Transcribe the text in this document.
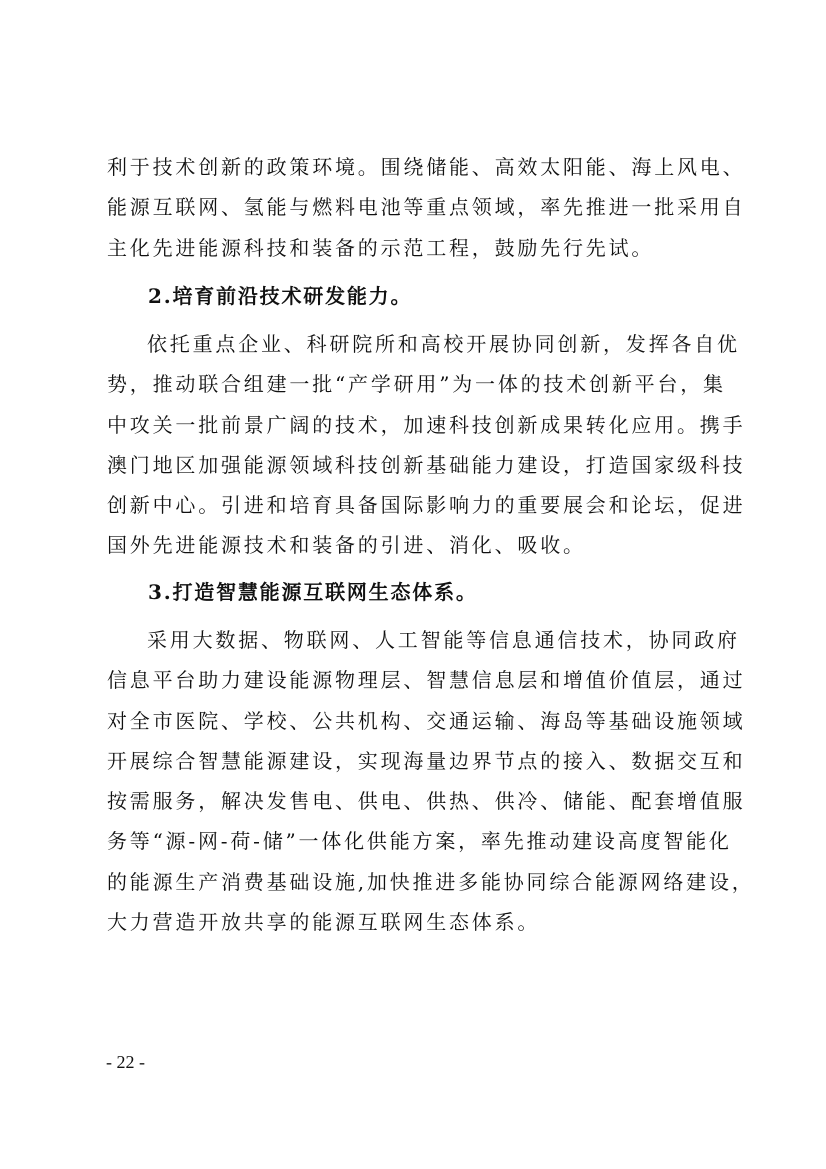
利于技术创新的政策环境。围绕储能、高效太阳能、海上风电、
能源互联网、氢能与燃料电池等重点领域，率先推进一批采用自
主化先进能源科技和装备的示范工程，鼓励先行先试。
2.培育前沿技术研发能力。
依托重点企业、科研院所和高校开展协同创新，发挥各自优
势，推动联合组建一批“产学研用”为一体的技术创新平台，集
中攻关一批前景广阔的技术，加速科技创新成果转化应用。携手
澳门地区加强能源领域科技创新基础能力建设，打造国家级科技
创新中心。引进和培育具备国际影响力的重要展会和论坛，促进
国外先进能源技术和装备的引进、消化、吸收。
3.打造智慧能源互联网生态体系。
采用大数据、物联网、人工智能等信息通信技术，协同政府
信息平台助力建设能源物理层、智慧信息层和增值价值层，通过
对全市医院、学校、公共机构、交通运输、海岛等基础设施领域
开展综合智慧能源建设，实现海量边界节点的接入、数据交互和
按需服务，解决发售电、供电、供热、供冷、储能、配套增值服
务等“源-网-荷-储”一体化供能方案，率先推动建设高度智能化
的能源生产消费基础设施,加快推进多能协同综合能源网络建设，
大力营造开放共享的能源互联网生态体系。
- 22 -
